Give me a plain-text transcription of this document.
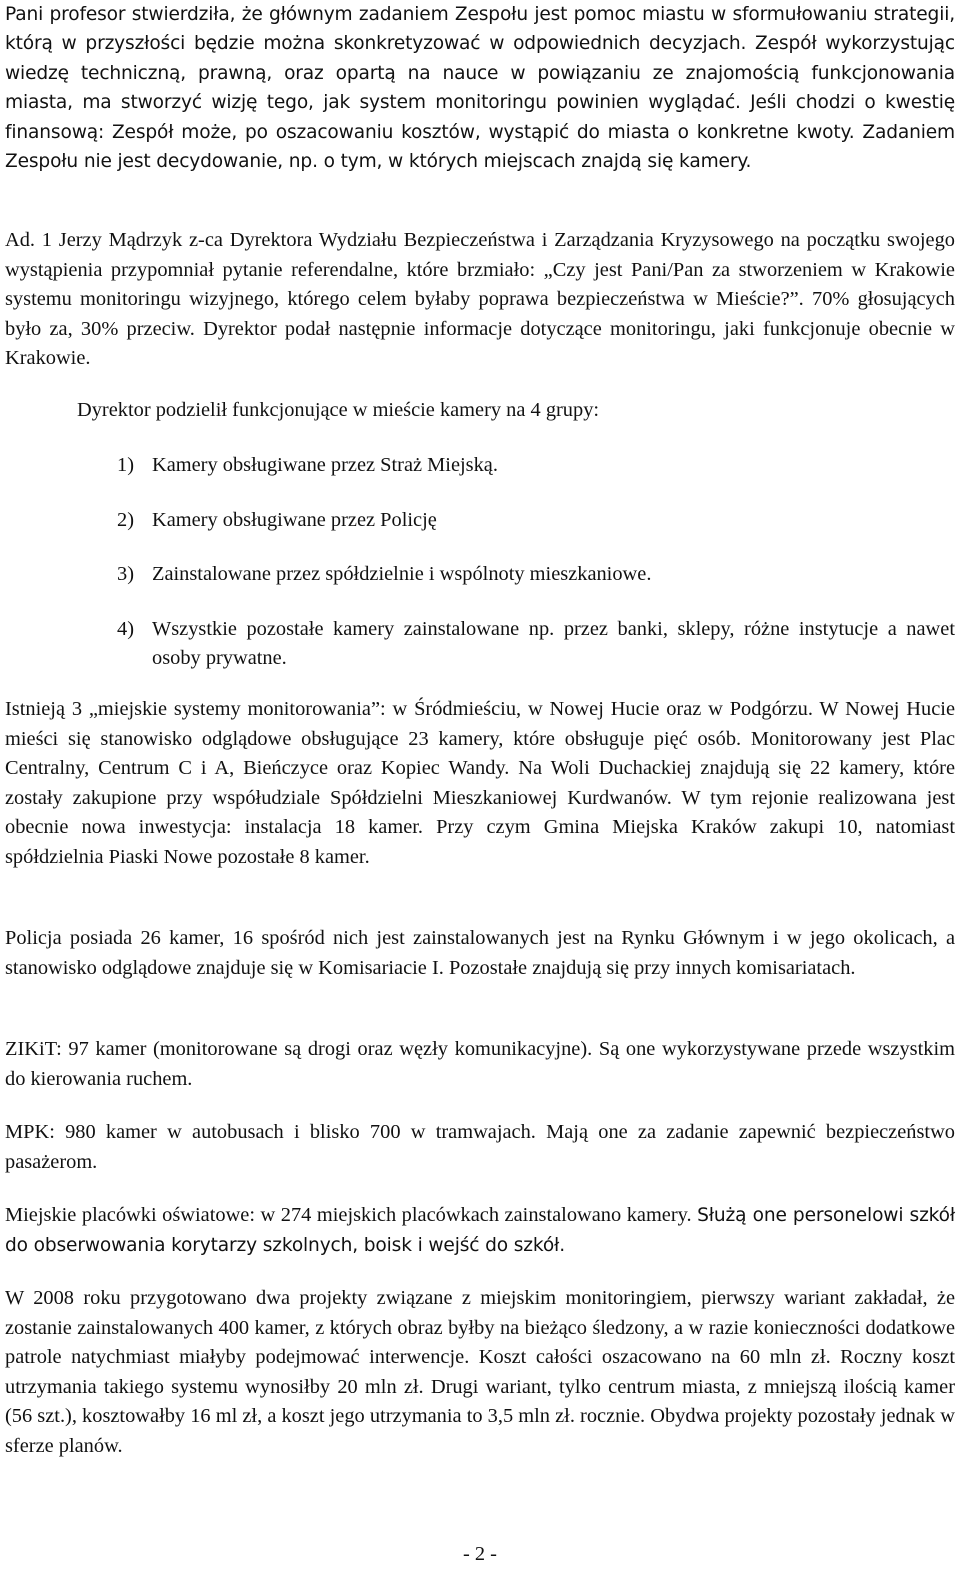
Pani profesor stwierdziła, że głównym zadaniem Zespołu jest pomoc miastu w sformułowaniu strategii, którą w przyszłości będzie można skonkretyzować w odpowiednich decyzjach. Zespół wykorzystując wiedzę techniczną, prawną, oraz opartą na nauce w powiązaniu ze znajomością funkcjonowania miasta, ma stworzyć wizję tego, jak system monitoringu powinien wyglądać. Jeśli chodzi o kwestię finansową: Zespół może, po oszacowaniu kosztów, wystąpić do miasta o konkretne kwoty. Zadaniem Zespołu nie jest decydowanie, np. o tym, w których miejscach znajdą się kamery.

Ad. 1 Jerzy Mądrzyk z-ca Dyrektora Wydziału Bezpieczeństwa i Zarządzania Kryzysowego na początku swojego wystąpienia przypomniał pytanie referendalne, które brzmiało: „Czy jest Pani/Pan za stworzeniem w Krakowie systemu monitoringu wizyjnego, którego celem byłaby poprawa bezpieczeństwa w Mieście?”. 70% głosujących było za, 30% przeciw. Dyrektor podał następnie informacje dotyczące monitoringu, jaki funkcjonuje obecnie w Krakowie.

Dyrektor podzielił funkcjonujące w mieście kamery na 4 grupy:

1) Kamery obsługiwane przez Straż Miejską.
2) Kamery obsługiwane przez Policję
3) Zainstalowane przez spółdzielnie i wspólnoty mieszkaniowe.
4) Wszystkie pozostałe kamery zainstalowane np. przez banki, sklepy, różne instytucje a nawet osoby prywatne.

Istnieją 3 „miejskie systemy monitorowania”: w Śródmieściu, w Nowej Hucie oraz w Podgórzu. W Nowej Hucie mieści się stanowisko odglądowe obsługujące 23 kamery, które obsługuje pięć osób. Monitorowany jest Plac Centralny, Centrum C i A, Bieńczyce oraz Kopiec Wandy. Na Woli Duchackiej znajdują się 22 kamery, które zostały zakupione przy współudziale Spółdzielni Mieszkaniowej Kurdwanów. W tym rejonie realizowana jest obecnie nowa inwestycja: instalacja 18 kamer. Przy czym Gmina Miejska Kraków zakupi 10, natomiast spółdzielnia Piaski Nowe pozostałe 8 kamer.

Policja posiada 26 kamer, 16 spośród nich jest zainstalowanych jest na Rynku Głównym i w jego okolicach, a stanowisko odglądowe znajduje się w Komisariacie I. Pozostałe znajdują się przy innych komisariatach.

ZIKiT: 97 kamer (monitorowane są drogi oraz węzły komunikacyjne). Są one wykorzystywane przede wszystkim do kierowania ruchem.

MPK: 980 kamer w autobusach i blisko 700 w tramwajach. Mają one za zadanie zapewnić bezpieczeństwo pasażerom.

Miejskie placówki oświatowe: w 274 miejskich placówkach zainstalowano kamery. Służą one personelowi szkół do obserwowania korytarzy szkolnych, boisk i wejść do szkół.

W 2008 roku przygotowano dwa projekty związane z miejskim monitoringiem, pierwszy wariant zakładał, że zostanie zainstalowanych 400 kamer, z których obraz byłby na bieżąco śledzony, a w razie konieczności dodatkowe patrole natychmiast miałyby podejmować interwencje. Koszt całości oszacowano na 60 mln zł. Roczny koszt utrzymania takiego systemu wynosiłby 20 mln zł. Drugi wariant, tylko centrum miasta, z mniejszą ilością kamer (56 szt.), kosztowałby 16 ml zł, a koszt jego utrzymania to 3,5 mln zł. rocznie. Obydwa projekty pozostały jednak w sferze planów.

- 2 -
